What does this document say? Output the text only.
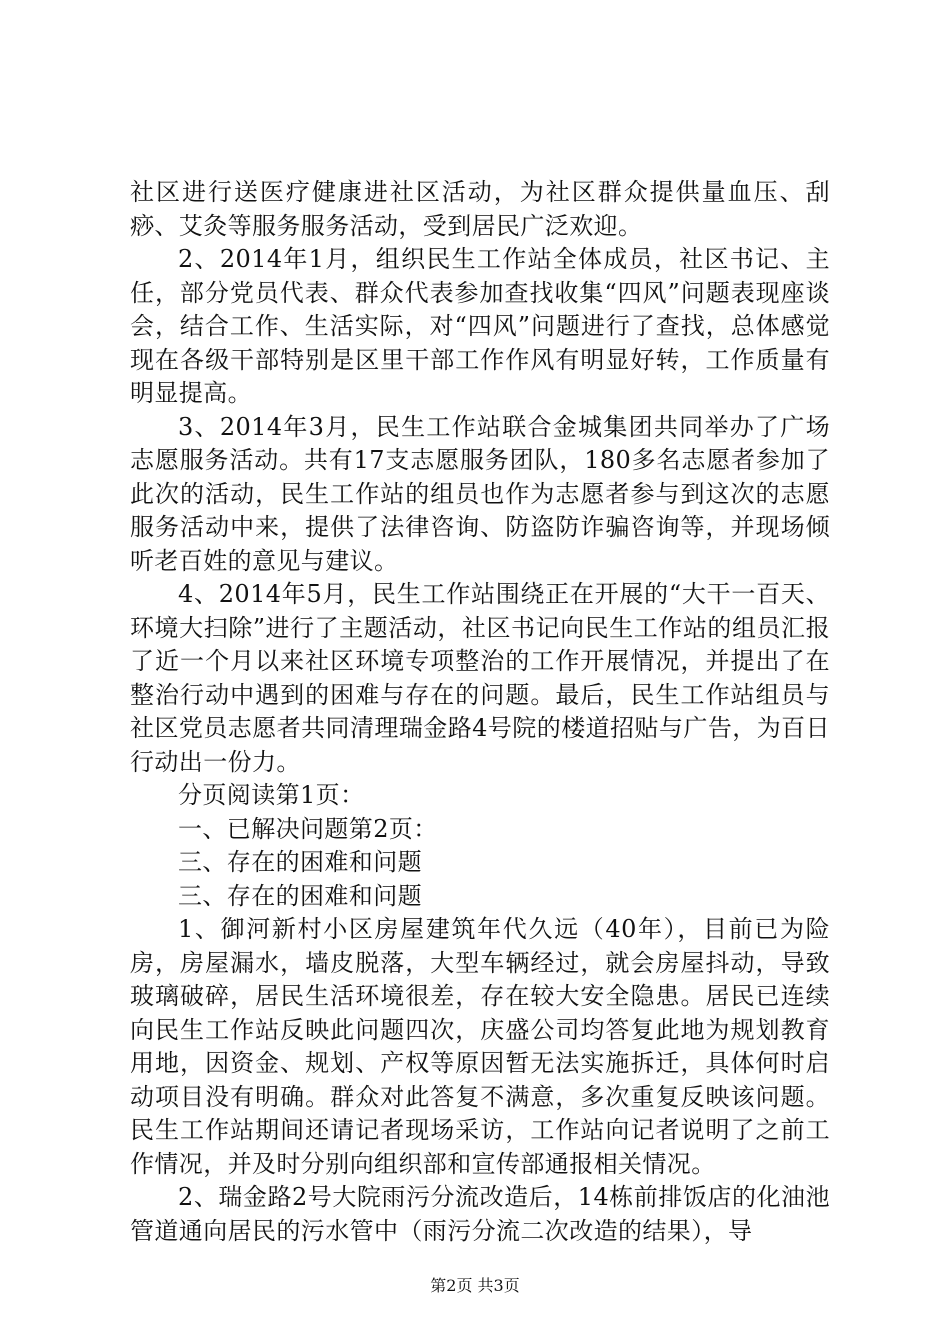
社区进行送医疗健康进社区活动，为社区群众提供量血压、刮痧、艾灸等服务服务活动，受到居民广泛欢迎。

2、2014年1月，组织民生工作站全体成员，社区书记、主任，部分党员代表、群众代表参加查找收集“四风”问题表现座谈会，结合工作、生活实际，对“四风”问题进行了查找，总体感觉现在各级干部特别是区里干部工作作风有明显好转，工作质量有明显提高。

3、2014年3月，民生工作站联合金城集团共同举办了广场志愿服务活动。共有17支志愿服务团队，180多名志愿者参加了此次的活动，民生工作站的组员也作为志愿者参与到这次的志愿服务活动中来，提供了法律咨询、防盗防诈骗咨询等，并现场倾听老百姓的意见与建议。

4、2014年5月，民生工作站围绕正在开展的“大干一百天、环境大扫除”进行了主题活动，社区书记向民生工作站的组员汇报了近一个月以来社区环境专项整治的工作开展情况，并提出了在整治行动中遇到的困难与存在的问题。最后，民生工作站组员与社区党员志愿者共同清理瑞金路4号院的楼道招贴与广告，为百日行动出一份力。

分页阅读第1页：

一、已解决问题第2页：

三、存在的困难和问题

三、存在的困难和问题

1、御河新村小区房屋建筑年代久远（40年），目前已为险房，房屋漏水，墙皮脱落，大型车辆经过，就会房屋抖动，导致玻璃破碎，居民生活环境很差，存在较大安全隐患。居民已连续向民生工作站反映此问题四次，庆盛公司均答复此地为规划教育用地，因资金、规划、产权等原因暂无法实施拆迁，具体何时启动项目没有明确。群众对此答复不满意，多次重复反映该问题。民生工作站期间还请记者现场采访，工作站向记者说明了之前工作情况，并及时分别向组织部和宣传部通报相关情况。

2、瑞金路2号大院雨污分流改造后，14栋前排饭店的化油池管道通向居民的污水管中（雨污分流二次改造的结果），导

第2页 共3页
